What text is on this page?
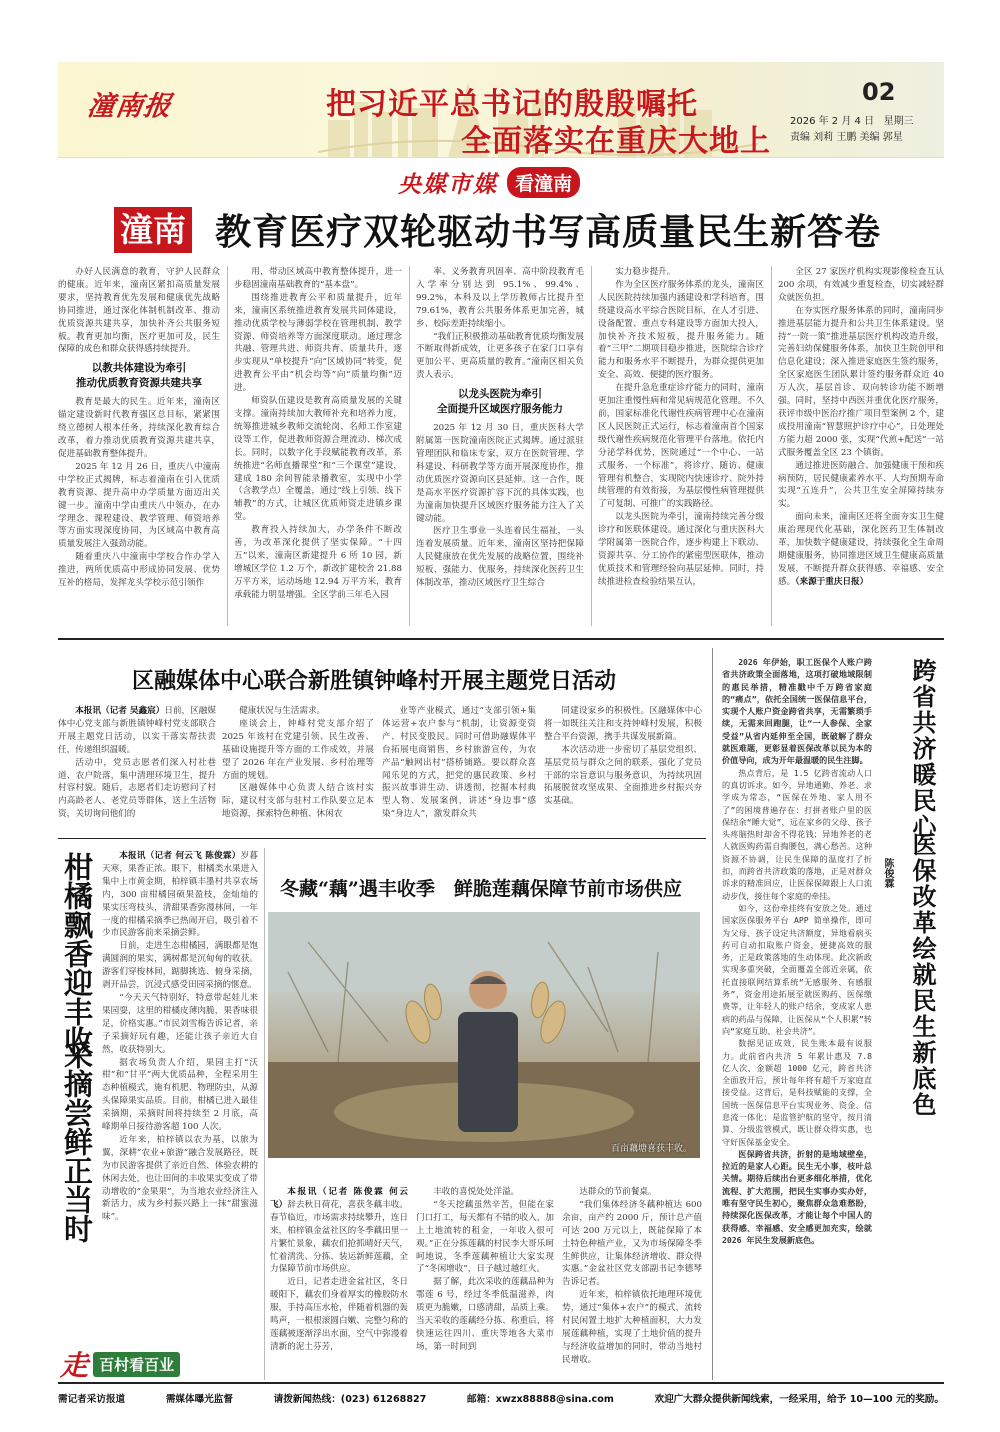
潼南报	把习近平总书记的殷殷嘱托
全面落实在重庆大地上
02
2026 年 2 月 4 日 星期三
责编 刘莉 王鹏 美编 郭星
央媒市媒 看潼南
潼南 教育医疗双轮驱动书写高质量民生新答卷

办好人民满意的教育，守护人民群众的健康。近年来，潼南区紧扣高质量发展要求，坚持教育优先发展和健康优先战略协同推进，通过深化体制机制改革、推动优质资源共建共享，加快补齐公共服务短板。教育更加均衡，医疗更加可及，民生保障的成色和群众获得感持续提升。

以教共体建设为牵引
推动优质教育资源共建共享

教育是最大的民生。近年来，潼南区锚定建设新时代教育强区总目标，紧紧围绕立德树人根本任务，持续深化教育综合改革，着力推动优质教育资源共建共享，促进基础教育整体提升。

2025 年 12 月 26 日，重庆八中潼南中学校正式揭牌，标志着潼南在引入优质教育资源、提升高中办学质量方面迈出关键一步。潼南中学由重庆八中领办，在办学理念、课程建设、教学管理、师资培养等方面实现深度协同，为区域高中教育高质量发展注入强劲动能。

随着重庆八中潼南中学校合作办学入推进，两所优质高中形成协同发展、优势互补的格局，发挥龙头学校示范引领作

用，带动区域高中教育整体提升，进一步稳固潼南基础教育的“基本盘”。

围绕推进教育公平和质量提升，近年来，潼南区系统推进教育发展共同体建设，推动优质学校与薄弱学校在管理机制、教学资源、师资培养等方面深度联动。通过理念共融、管理共进、师资共育、质量共升，逐步实现从“单校提升”向“区域协同”转变，促进教育公平由“机会均等”向“质量均衡”迈进。

师资队伍建设是教育高质量发展的关键支撑。潼南持续加大教师补充和培养力度，统筹推进城乡教师交流轮岗、名师工作室建设等工作，促进教师资源合理流动、梯次成长。同时，以数字化手段赋能教育改革，系统推进“名师直播课堂”和“三个课堂”建设，建成 180 余间智能录播教室，实现中小学（含教学点）全覆盖，通过“线上引领、线下辅教”的方式，让城区优质师资走进镇乡课堂。

教育投入持续加大，办学条件不断改善，为改革深化提供了坚实保障。“十四五”以来，潼南区新建提升 6 所 10 园，新增城区学位 1.2 万个，新改扩建校舍 21.88 万平方米，运动场地 12.94 万平方米，教育承载能力明显增强。全区学前三年毛入园

率、义务教育巩固率、高中阶段教育毛入学率分别达到 95.1%、99.4%、99.2%，本科及以上学历教师占比提升至 79.61%，教育公共服务体系更加完善，城乡、校际差距持续缩小。

“我们正积极推动基础教育优质均衡发展不断取得新成效，让更多孩子在家门口享有更加公平、更高质量的教育。”潼南区相关负责人表示。

以龙头医院为牵引
全面提升区域医疗服务能力

2025 年 12 月 30 日，重庆医科大学附属第一医院潼南医院正式揭牌。通过派驻管理团队和临床专家，双方在医院管理、学科建设、科研教学等方面开展深度协作，推动优质医疗资源向区县延伸。这一合作，既是高水平医疗资源扩容下沉的具体实践，也为潼南加快提升区域医疗服务能力注入了关键动能。

医疗卫生事业一头连着民生福祉，一头连着发展质量。近年来，潼南区坚持把保障人民健康放在优先发展的战略位置，围绕补短板、强能力、优服务，持续深化医药卫生体制改革，推动区域医疗卫生综合

实力稳步提升。

作为全区医疗服务体系的龙头，潼南区人民医院持续加强内涵建设和学科培育，围绕建设高水平综合医院目标，在人才引进、设备配置、重点专科建设等方面加大投入，加快补齐技术短板，提升服务能力。随着“三甲”二期项目稳步推进，医院综合诊疗能力和服务水平不断提升，为群众提供更加安全、高效、便捷的医疗服务。

在提升急危重症诊疗能力的同时，潼南更加注重慢性病和常见病规范化管理。不久前，国家标准化代谢性疾病管理中心在潼南区人民医院正式运行，标志着潼南首个国家级代谢性疾病规范化管理平台落地。依托内分泌学科优势，医院通过“一个中心、一站式服务、一个标准”，将诊疗、随访、健康管理有机整合，实现院内快速诊疗、院外持续管理的有效衔接，为基层慢性病管理提供了可复制、可推广的实践路径。

以龙头医院为牵引，潼南持续完善分级诊疗和医联体建设。通过深化与重庆医科大学附属第一医院合作，逐步构建上下联动、资源共享、分工协作的紧密型医联体，推动优质技术和管理经验向基层延伸。同时，持续推进检查检验结果互认，

全区 27 家医疗机构实现影像检查互认 200 余项，有效减少重复检查，切实减轻群众就医负担。

在夯实医疗服务体系的同时，潼南同步推进基层能力提升和公共卫生体系建设。坚持“一院一策”推进基层医疗机构改造升级，完善妇幼保健服务体系，加快卫生院创甲和信息化建设；深入推进家庭医生签约服务，全区家庭医生团队累计签约服务群众近 40 万人次，基层首诊、双向转诊功能不断增强。同时，坚持中西医并重优化医疗服务，获评市级中医治疗推广项目型案例 2 个，建成投用潼南“智慧照护诊疗中心”，日处理处方能力超 2000 张，实现“代煎+配送”一站式服务覆盖全区 23 个镇街。

通过推进医防融合、加强健康干预和疾病预防，居民健康素养水平、人均预期寿命实现“五连升”，公共卫生安全屏障持续夯实。

面向未来，潼南区还将全面夯实卫生健康治理现代化基础，深化医药卫生体制改革，加快数字健康建设，持续强化全生命周期健康服务，协同推进区域卫生健康高质量发展，不断提升群众获得感、幸福感、安全感。（来源于重庆日报）

区融媒体中心联合新胜镇钟峰村开展主题党日活动

本报讯（记者 吴鑫宸）

日前，区融媒体中心党支部与新胜镇钟峰村党支部联合开展主题党日活动，以实干落实帮扶责任，传递组织温暖。

活动中，党员志愿者们深入村社巷道、农户院落，集中清理环境卫生，提升村容村貌。随后，志愿者们走访慰问了村内高龄老人、老党员等群体，送上生活物资，关切询问他们的

健康状况与生活需求。

座谈会上，钟峰村党支部介绍了 2025 年该村在党建引领、民生改善、基础设施提升等方面的工作成效，并展望了 2026 年在产业发展、乡村治理等方面的规划。

区融媒体中心负责人结合该村实际，建议村支部与驻村工作队要立足本地资源，探索特色种植、休闲农

业等产业模式，通过“支部引领+集体运营+农户参与”机制，让资源变资产、村民变股民。同时可借助融媒体平台拓展电商销售，乡村旅游宣传，为农产品“触网出村”搭桥铺路。要以群众喜闻乐见的方式，把党的惠民政策、乡村振兴故事讲生动、讲透彻，挖掘本村典型人物、发展案例，讲述“身边事”感染“身边人”，激发群众共

同建设家乡的积极性。区融媒体中心将一如既往关注和支持钟峰村发展，积极整合平台资源，携手共谋发展新篇。

本次活动进一步密切了基层党组织、基层党员与群众之间的联系，强化了党员干部的宗旨意识与服务意识，为持续巩固拓展脱贫攻坚成果、全面推进乡村振兴夯实基础。

2026 年伊始，职工医保个人账户跨省共济政策全面落地，这项打破地域限制的惠民举措，精准戳中千万跨省家庭的“痛点”，依托全国统一医保信息平台，实现个人账户资金跨省共享，无需繁琐手续，无需来回跑腿，让“一人参保、全家受益”从省内延伸至全国，既破解了群众就医难题，更彰显着医保改革以民为本的价值导向，成为开年最温暖的民生注脚。

热点背后，是 1.5 亿跨省流动人口的真切诉求。如今，异地通勤、养老、求学成为常态，“医保在外地、家人用不了”的困境普遍存在：打拼者账户里的医保结余“睡大觉”，远在家乡的父母、孩子头疼脑热时却舍不得花钱；异地养老的老人就医购药需自掏腰包，满心愁苦。这种资源不协调，让民生保障的温度打了折扣，而跨省共济政策的落地，正是对群众诉求的精准回应，让医保保障跟上人口流动步伐，接住每个家庭的牵挂。

如今，这份牵挂终有安放之处。通过国家医保服务平台 APP 简单操作，即可为父母、孩子设定共济额度，异地看病买药可自动扣取账户资金，便捷高效的服务，正是政策落地的生动体现。此次新政实现多重突破，全面覆盖全部近亲属，依托直接联网结算系统“无感服务、有感服务”，资金用途拓展至就医购药、医保缴费等，让年轻人的账户结余，变成家人患病的药品与保障，让医保从“个人积累”转向“家庭互助、社会共济”。

数据见证成效，民生账本最有说服力。此前省内共济 5 年累计惠及 7.8 亿人次、金额超 1000 亿元，跨省共济全面放开后，预计每年将有超千万家庭直接受益。这背后，是科技赋能的支撑，全国统一医保信息平台实现业务、资金、信息流一体化；是监管护航的坚守，按月清算、分级监管模式，既让群众得实惠，也守好医保基金安全。

医保跨省共济，折射的是地域壁垒，拉近的是家人心距。民生无小事，枝叶总关情。期待后续出台更多细化举措，优化流程、扩大范围，把民生实事办实办好，唯有坚守民生初心，聚焦群众急难愁盼，持续深化医保改革，才能让每个中国人的获得感、幸福感、安全感更加充实，绘就 2026 年民生发展新底色。

跨省共济暖民心
医保改革绘就民生新底色
陈俊霖
柑橘飘香迎丰收
采摘尝鲜正当时

本报讯（记者 何云飞 陈俊霖）

岁暮天寒，果香正浓。眼下，柑橘类水果进入集中上市黄金期，柏梓镇丰墨村共享农场内，300 亩柑橘园硕果盈枝，金灿灿的果实压弯枝头，清甜果香弥漫林间，一年一度的柑橘采摘季已热闹开启，吸引着不少市民游客前来采摘尝鲜。

日前，走进生态柑橘园，满眼都是饱满圆润的果实，满树都是沉甸甸的收获。游客们穿梭林间，踮脚挑选、俯身采摘，剥开品尝，沉浸式感受田园采摘的惬意。

“今天天气特别好，特意带起娃儿来果园耍，这里的柑橘皮薄肉脆，果香味很足，价格实惠。”市民刘雪梅告诉记者，亲子采摘好玩有趣，还能让孩子亲近大自然，收获特别大。

据农场负责人介绍，果园主打“沃柑”和“甘平”两大优质品种，全程采用生态种植模式，施有机肥、物理防虫，从源头保障果实品质。目前，柑橘已进入最佳采摘期，采摘时间将持续至 2 月底，高峰期单日接待游客超 100 人次。

近年来，柏梓镇以农为基，以旅为翼，深耕“农业+旅游”融合发展路径，既为市民游客提供了亲近自然、体验农耕的休闲去处，也让田间的丰收果实变成了带动增收的“金果果”，为当地农业经济注入新活力，成为乡村振兴路上一抹“甜蜜滋味”。

走 百村看百业
冬藏“藕”遇丰收季　鲜脆莲藕保障节前市场供应
百亩藕塘喜获丰收。

本报讯（记者 陈俊霖 何云飞）

辞去秋日荷花，喜获冬藕丰收。春节临近，市场需求持续攀升，连日来，柏梓镇金盆社区的冬季藕田里一片繁忙景象，藕农们抢抓晴好天气，忙着清洗、分拣、装运新鲜莲藕，全力保障节前市场供应。

近日，记者走进金盆社区，冬日暖阳下，藕农们身着厚实的橡胶防水服，手持高压水枪，伴随着机器的轰鸣声，一根根滚圆白嫩、完整匀称的莲藕被逐渐浮出水面，空气中弥漫着清新的泥土芬芳，

丰收的喜悦处处洋溢。

“冬天挖藕虽然辛苦，但能在家门口打工，每天都有不错的收入，加上土地流转的租金，一年收入很可观。”正在分拣莲藕的村民李大哥乐呵呵地说，冬季莲藕种植让大家实现了“冬闲增收”，日子越过越红火。

据了解，此次采收的莲藕品种为鄂莲 6 号，经过冬季低温滋养，肉质更为脆嫩，口感清甜，品质上乘。当天采收的莲藕经分拣、称重后，将快速运往四川、重庆等地各大菜市场，第一时间到

达群众的节前餐桌。

“我们集体经济冬藕种植达 600 余亩，亩产约 2000 斤，预计总产值可达 200 万元以上，既能保障了本土特色种植产业，又为市场保障冬季生鲜供应，让集体经济增收、群众得实惠。”金盆社区党支部副书记李德琴告诉记者。

近年来，柏梓镇依托地理环境优势，通过“集体+农户”的模式，流转村民闲置土地扩大种植面积，大力发展莲藕种植，实现了土地价值的提升与经济收益增加的同时，带动当地村民增收。

需记者采访报道	需媒体曝光监督	请拨新闻热线：(023) 61268827	邮箱：xwzx88888@sina.com	欢迎广大群众提供新闻线索，一经采用，给予 10—100 元的奖励。
